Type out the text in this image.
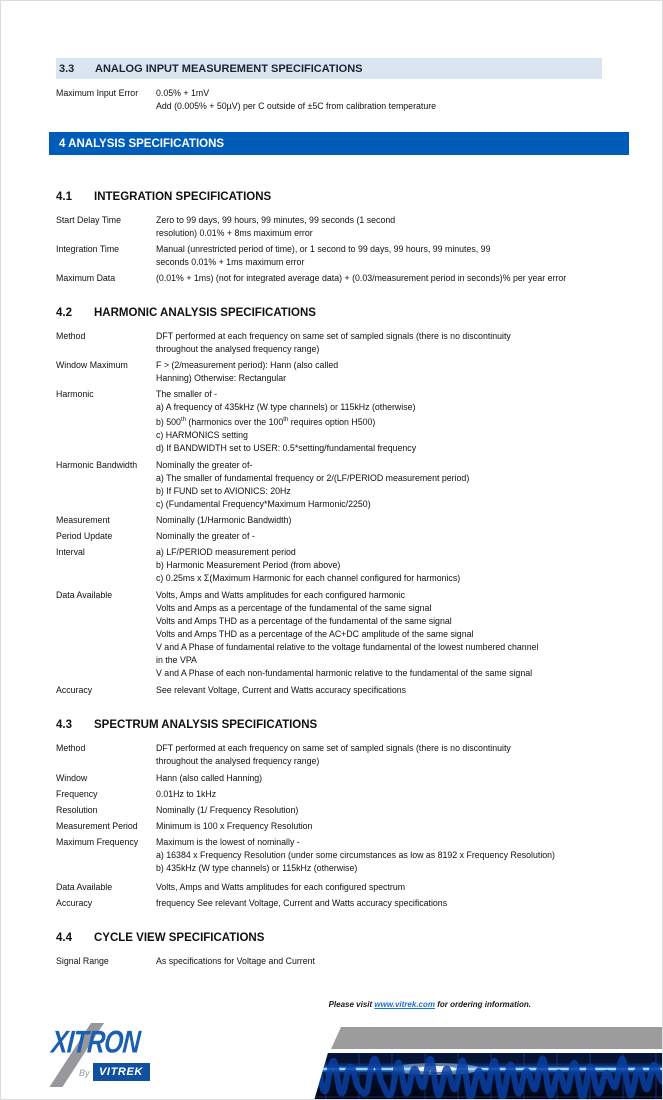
3.3	ANALOG INPUT MEASUREMENT SPECIFICATIONS
Maximum Input Error	0.05% + 1mV
Add (0.005% + 50µV) per C outside of ±5C from calibration temperature
4 ANALYSIS SPECIFICATIONS
4.1	INTEGRATION SPECIFICATIONS
Start Delay Time	Zero to 99 days, 99 hours, 99 minutes, 99 seconds (1 second
resolution) 0.01% + 8ms maximum error
Integration Time	Manual (unrestricted period of time), or 1 second to 99 days, 99 hours, 99 minutes, 99
seconds 0.01% + 1ms maximum error
Maximum Data	(0.01% + 1ms) (not for integrated average data) + (0.03/measurement period in seconds)% per year error
4.2	HARMONIC ANALYSIS SPECIFICATIONS
Method	DFT performed at each frequency on same set of sampled signals (there is no discontinuity
throughout the analysed frequency range)
Window Maximum	F > (2/measurement period): Hann (also called
Hanning) Otherwise: Rectangular
Harmonic	The smaller of -
a) A frequency of 435kHz (W type channels) or 115kHz (otherwise)
b) 500th (harmonics over the 100th requires option H500)
c) HARMONICS setting
d) If BANDWIDTH set to USER: 0.5*setting/fundamental frequency
Harmonic Bandwidth	Nominally the greater of-
a) The smaller of fundamental frequency or 2/(LF/PERIOD measurement period)
b) If FUND set to AVIONICS: 20Hz
c) (Fundamental Frequency*Maximum Harmonic/2250)
Measurement	Nominally (1/Harmonic Bandwidth)
Period Update	Nominally the greater of -
Interval	a) LF/PERIOD measurement period
b) Harmonic Measurement Period (from above)
c) 0.25ms x Σ(Maximum Harmonic for each channel configured for harmonics)
Data Available	Volts, Amps and Watts amplitudes for each configured harmonic
Volts and Amps as a percentage of the fundamental of the same signal
Volts and Amps THD as a percentage of the fundamental of the same signal
Volts and Amps THD as a percentage of the AC+DC amplitude of the same signal
V and A Phase of fundamental relative to the voltage fundamental of the lowest numbered channel
in the VPA
V and A Phase of each non-fundamental harmonic relative to the fundamental of the same signal
Accuracy	See relevant Voltage, Current and Watts accuracy specifications
4.3	SPECTRUM ANALYSIS SPECIFICATIONS
Method	DFT performed at each frequency on same set of sampled signals (there is no discontinuity
throughout the analysed frequency range)
Window	Hann (also called Hanning)
Frequency	0.01Hz to 1kHz
Resolution	Nominally (1/ Frequency Resolution)
Measurement Period	Minimum is 100 x Frequency Resolution
Maximum Frequency	Maximum is the lowest of nominally -
a) 16384 x Frequency Resolution (under some circumstances as low as 8192 x Frequency Resolution)
b) 435kHz (W type channels) or 115kHz (otherwise)
Data Available	Volts, Amps and Watts amplitudes for each configured spectrum
Accuracy	frequency See relevant Voltage, Current and Watts accuracy specifications
4.4	CYCLE VIEW SPECIFICATIONS
Signal Range	As specifications for Voltage and Current
Please visit www.vitrek.com for ordering information.
XITRON
By VITREK
